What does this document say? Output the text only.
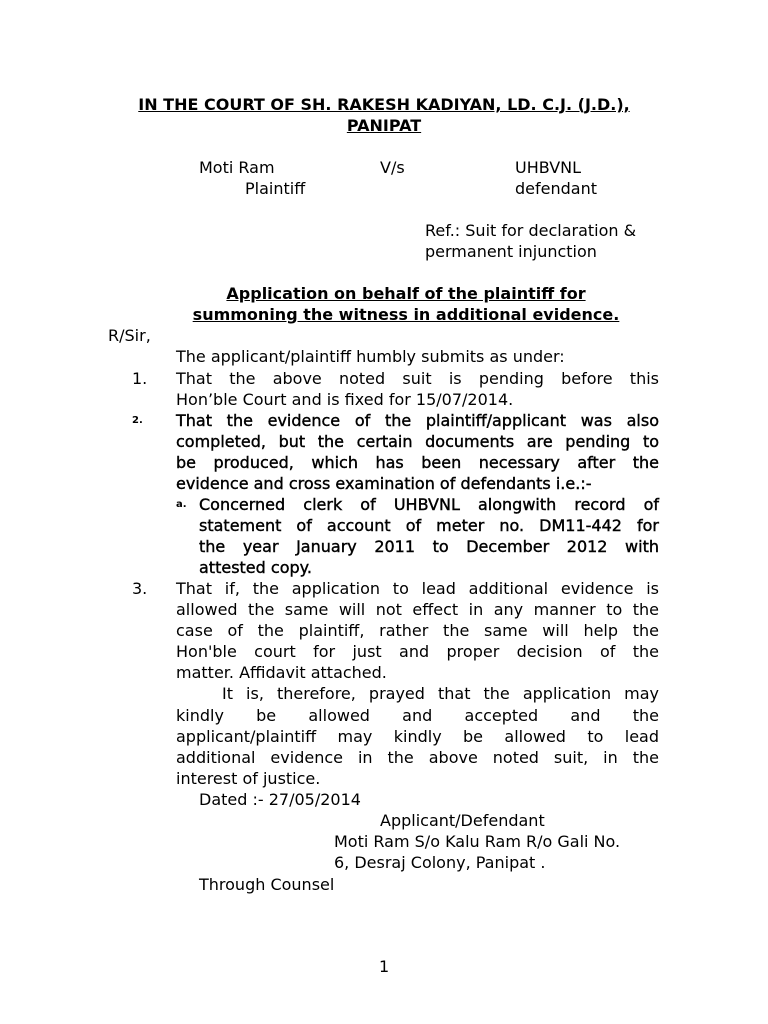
IN THE COURT OF SH. RAKESH KADIYAN, LD. C.J. (J.D.),
PANIPAT
Moti Ram	V/s	UHBVNL
Plaintiff	defendant
Ref.: Suit for declaration &
permanent injunction
Application on behalf of the plaintiff for
summoning the witness in additional evidence.
R/Sir,
The applicant/plaintiff humbly submits as under:
1. That the above noted suit is pending before this
Hon’ble Court and is fixed for 15/07/2014.
2. That the evidence of the plaintiff/applicant was also
completed, but the certain documents are pending to
be produced, which has been necessary after the
evidence and cross examination of defendants i.e.:-
a. Concerned clerk of UHBVNL alongwith record of
statement of account of meter no. DM11-442 for
the year January 2011 to December 2012 with
attested copy.
3. That if, the application to lead additional evidence is
allowed the same will not effect in any manner to the
case of the plaintiff, rather the same will help the
Hon'ble court for just and proper decision of the
matter. Affidavit attached.
It is, therefore, prayed that the application may
kindly be allowed and accepted and the
applicant/plaintiff may kindly be allowed to lead
additional evidence in the above noted suit, in the
interest of justice.
Dated :- 27/05/2014
Applicant/Defendant
Moti Ram S/o Kalu Ram R/o Gali No.
6, Desraj Colony, Panipat .
Through Counsel
1
